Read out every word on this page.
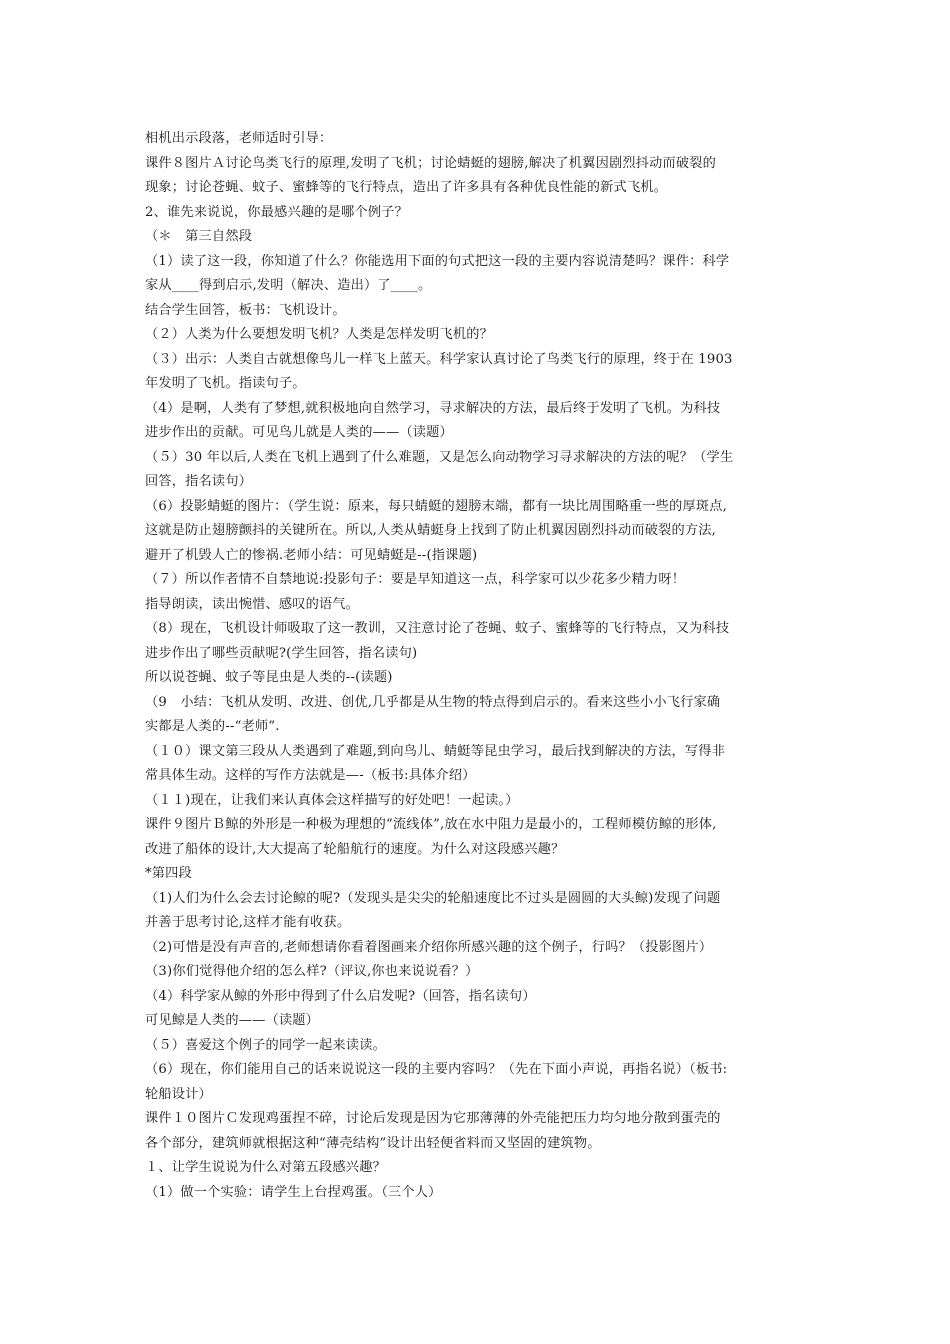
相机出示段落，老师适时引导：
课件８图片Ａ讨论鸟类飞行的原理,发明了飞机；讨论蜻蜓的翅膀,解决了机翼因剧烈抖动而破裂的
现象；讨论苍蝇、蚊子、蜜蜂等的飞行特点，造出了许多具有各种优良性能的新式飞机。
2、谁先来说说，你最感兴趣的是哪个例子？
（＊　第三自然段
（1）读了这一段，你知道了什么？你能选用下面的句式把这一段的主要内容说清楚吗？课件：科学
家从____得到启示,发明（解决、造出）了____。
结合学生回答，板书：飞机设计。
（２）人类为什么要想发明飞机？人类是怎样发明飞机的？
（３）出示：人类自古就想像鸟儿一样飞上蓝天。科学家认真讨论了鸟类飞行的原理，终于在 1903
年发明了飞机。指读句子。
（4）是啊，人类有了梦想,就积极地向自然学习，寻求解决的方法，最后终于发明了飞机。为科技
进步作出的贡献。可见鸟儿就是人类的——（读题）
（５）30 年以后,人类在飞机上遇到了什么难题，又是怎么向动物学习寻求解决的方法的呢？（学生
回答，指名读句）
（6）投影蜻蜓的图片：（学生说：原来，每只蜻蜓的翅膀末端，都有一块比周围略重一些的厚斑点,
这就是防止翅膀颤抖的关键所在。所以,人类从蜻蜓身上找到了防止机翼因剧烈抖动而破裂的方法,
避开了机毁人亡的惨祸.老师小结：可见蜻蜓是--(指课题)
（７）所以作者情不自禁地说:投影句子：要是早知道这一点，科学家可以少花多少精力呀！
指导朗读，读出惋惜、感叹的语气。
（8）现在，飞机设计师吸取了这一教训，又注意讨论了苍蝇、蚊子、蜜蜂等的飞行特点，又为科技
进步作出了哪些贡献呢?(学生回答，指名读句)
所以说苍蝇、蚊子等昆虫是人类的--(读题)
（9　小结：飞机从发明、改进、创优,几乎都是从生物的特点得到启示的。看来这些小小飞行家确
实都是人类的--“老师”.
（１０）课文第三段从人类遇到了难题,到向鸟儿、蜻蜓等昆虫学习，最后找到解决的方法，写得非
常具体生动。这样的写作方法就是—-（板书:具体介绍）
（１１)现在，让我们来认真体会这样描写的好处吧！一起读。）
课件９图片Ｂ鲸的外形是一种极为理想的“流线体”,放在水中阻力是最小的，工程师模仿鲸的形体,
改进了船体的设计,大大提高了轮船航行的速度。为什么对这段感兴趣？
*第四段
（1)人们为什么会去讨论鲸的呢?（发现头是尖尖的轮船速度比不过头是圆圆的大头鲸)发现了问题
并善于思考讨论,这样才能有收获。
（2)可惜是没有声音的,老师想请你看着图画来介绍你所感兴趣的这个例子，行吗？（投影图片）
（3)你们觉得他介绍的怎么样?（评议,你也来说说看？）
（4）科学家从鲸的外形中得到了什么启发呢?（回答，指名读句）
可见鲸是人类的——（读题）
（５）喜爱这个例子的同学一起来读读。
（6）现在，你们能用自己的话来说说这一段的主要内容吗？（先在下面小声说，再指名说）（板书:
轮船设计）
课件１０图片Ｃ发现鸡蛋捏不碎，讨论后发现是因为它那薄薄的外壳能把压力均匀地分散到蛋壳的
各个部分，建筑师就根据这种“薄壳结构”设计出轻便省料而又坚固的建筑物。
１、让学生说说为什么对第五段感兴趣？
（1）做一个实验：请学生上台捏鸡蛋。（三个人）
